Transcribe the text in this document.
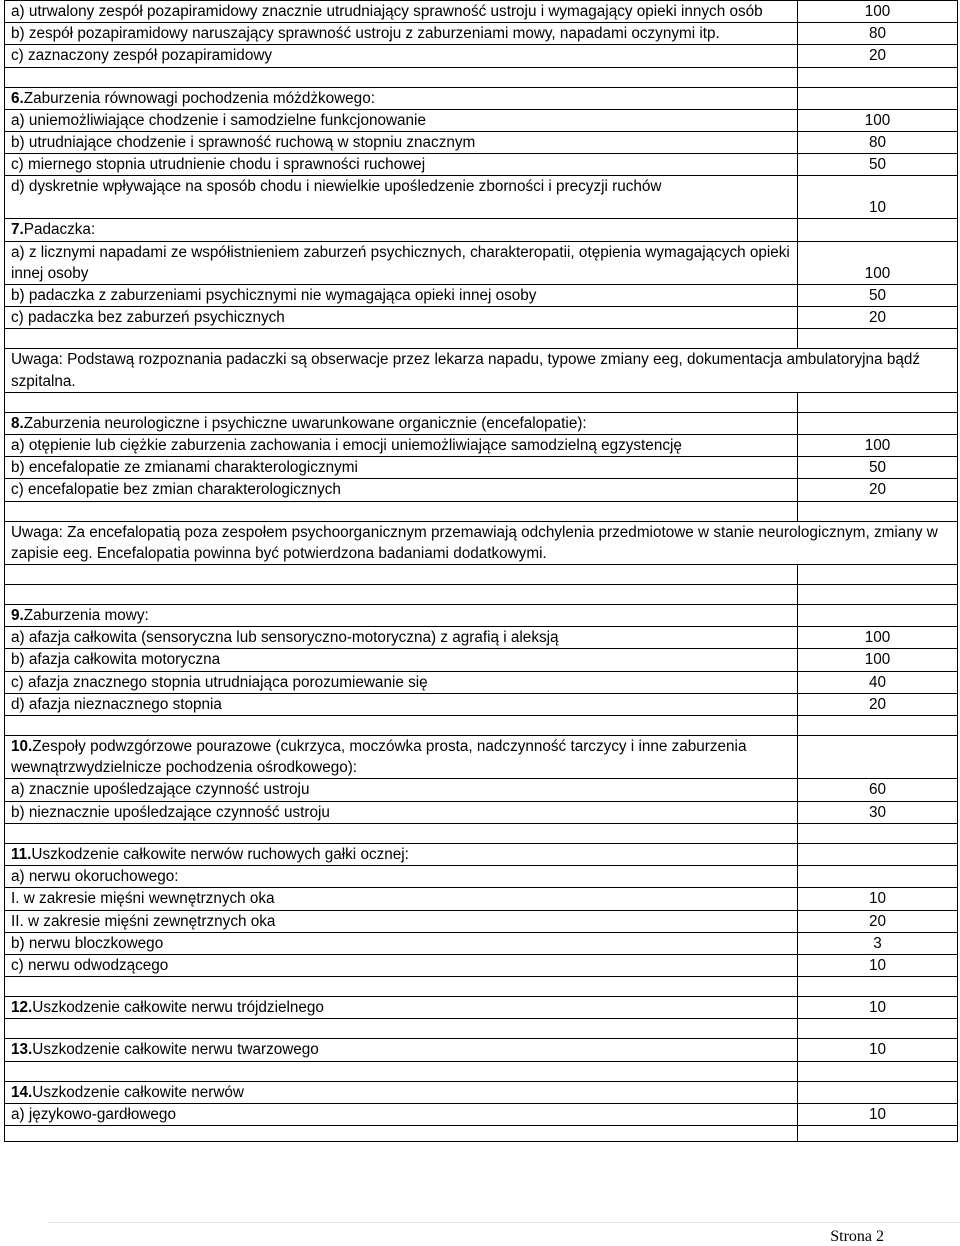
a) utrwalony zespół pozapiramidowy znacznie utrudniający sprawność ustroju i wymagający opieki innych osób	100
b) zespół pozapiramidowy naruszający sprawność ustroju z zaburzeniami mowy, napadami oczynymi itp.	80
c) zaznaczony zespół pozapiramidowy	20

6.Zaburzenia równowagi pochodzenia móżdżkowego:	
a) uniemożliwiające chodzenie i samodzielne funkcjonowanie	100
b) utrudniające chodzenie i sprawność ruchową w stopniu znacznym	80
c) miernego stopnia utrudnienie chodu i sprawności ruchowej	50
d) dyskretnie wpływające na sposób chodu i niewielkie upośledzenie zborności i precyzji ruchów	10
7.Padaczka:	
a) z licznymi napadami ze współistnieniem zaburzeń psychicznych, charakteropatii, otępienia wymagających opieki innej osoby	100
b) padaczka z zaburzeniami psychicznymi nie wymagająca opieki innej osoby	50
c) padaczka bez zaburzeń psychicznych	20

Uwaga: Podstawą rozpoznania padaczki są obserwacje przez lekarza napadu, typowe zmiany eeg, dokumentacja ambulatoryjna bądź szpitalna.	

8.Zaburzenia neurologiczne i psychiczne uwarunkowane organicznie (encefalopatie):	
a) otępienie lub ciężkie zaburzenia zachowania i emocji uniemożliwiające samodzielną egzystencję	100
b) encefalopatie ze zmianami charakterologicznymi	50
c) encefalopatie bez zmian charakterologicznych	20

Uwaga: Za encefalopatią poza zespołem psychoorganicznym przemawiają odchylenia przedmiotowe w stanie neurologicznym, zmiany w zapisie eeg. Encefalopatia powinna być potwierdzona badaniami dodatkowymi.	

9.Zaburzenia mowy:	
a) afazja całkowita (sensoryczna lub sensoryczno-motoryczna) z agrafią i aleksją	100
b) afazja całkowita motoryczna	100
c) afazja znacznego stopnia utrudniająca porozumiewanie się	40
d) afazja nieznacznego stopnia	20

10.Zespoły podwzgórzowe pourazowe (cukrzyca, moczówka prosta, nadczynność tarczycy i inne zaburzenia wewnątrzwydzielnicze pochodzenia ośrodkowego):	
a) znacznie upośledzające czynność ustroju	60
b) nieznacznie upośledzające czynność ustroju	30

11.Uszkodzenie całkowite nerwów ruchowych gałki ocznej:	
a) nerwu okoruchowego:	
I. w zakresie mięśni wewnętrznych oka	10
II. w zakresie mięśni zewnętrznych oka	20
b) nerwu bloczkowego	3
c) nerwu odwodzącego	10

12.Uszkodzenie całkowite nerwu trójdzielnego	10

13.Uszkodzenie całkowite nerwu twarzowego	10

14.Uszkodzenie całkowite nerwów	
a) językowo-gardłowego	10

Strona 2
